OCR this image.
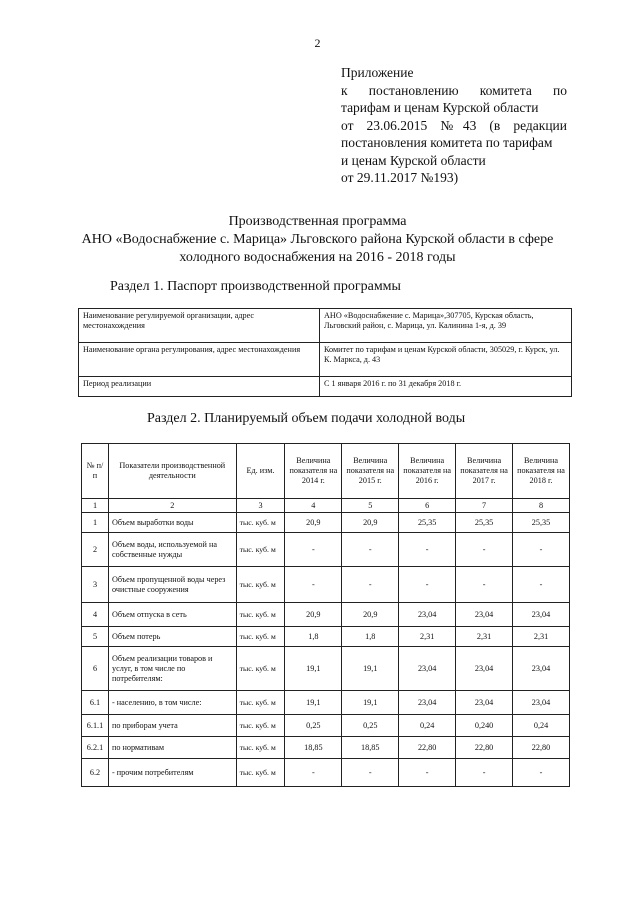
2
Приложение
к постановлению комитета по
тарифам и ценам Курской области
от 23.06.2015 №43 (в редакции
постановления комитета по тарифам
и ценам Курской области
от 29.11.2017 №193)
Производственная программа
АНО «Водоснабжение с. Марица» Льговского района Курской области в сфере
холодного водоснабжения на 2016 - 2018 годы
Раздел 1. Паспорт производственной программы
Наименование регулируемой организации, адрес местонахождения	АНО «Водоснабжение с. Марица»,307705, Курская область, Льговский район, с. Марица, ул. Калинина 1-я, д. 39
Наименование органа регулирования, адрес местонахождения	Комитет по тарифам и ценам Курской области, 305029, г. Курск, ул. К. Маркса, д. 43
Период реализации	С 1 января 2016 г. по 31 декабря 2018 г.
Раздел 2. Планируемый объем подачи холодной воды
№ п/п	Показатели производственной деятельности	Ед. изм.	Величина показателя на 2014 г.	Величина показателя на 2015 г.	Величина показателя на 2016 г.	Величина показателя на 2017 г.	Величина показателя на 2018 г.
1	2	3	4	5	6	7	8
1	Объем выработки воды	тыс. куб. м	20,9	20,9	25,35	25,35	25,35
2	Объем воды, используемой на собственные нужды	тыс. куб. м	-	-	-	-	-
3	Объем пропущенной воды через очистные сооружения	тыс. куб. м	-	-	-	-	-
4	Объем отпуска в сеть	тыс. куб. м	20,9	20,9	23,04	23,04	23,04
5	Объем потерь	тыс. куб. м	1,8	1,8	2,31	2,31	2,31
6	Объем реализации товаров и услуг, в том числе по потребителям:	тыс. куб. м	19,1	19,1	23,04	23,04	23,04
6.1	- населению, в том числе:	тыс. куб. м	19,1	19,1	23,04	23,04	23,04
6.1.1	по приборам учета	тыс. куб. м	0,25	0,25	0,24	0,240	0,24
6.2.1	по нормативам	тыс. куб. м	18,85	18,85	22,80	22,80	22,80
6.2	- прочим потребителям	тыс. куб. м	-	-	-	-	-
